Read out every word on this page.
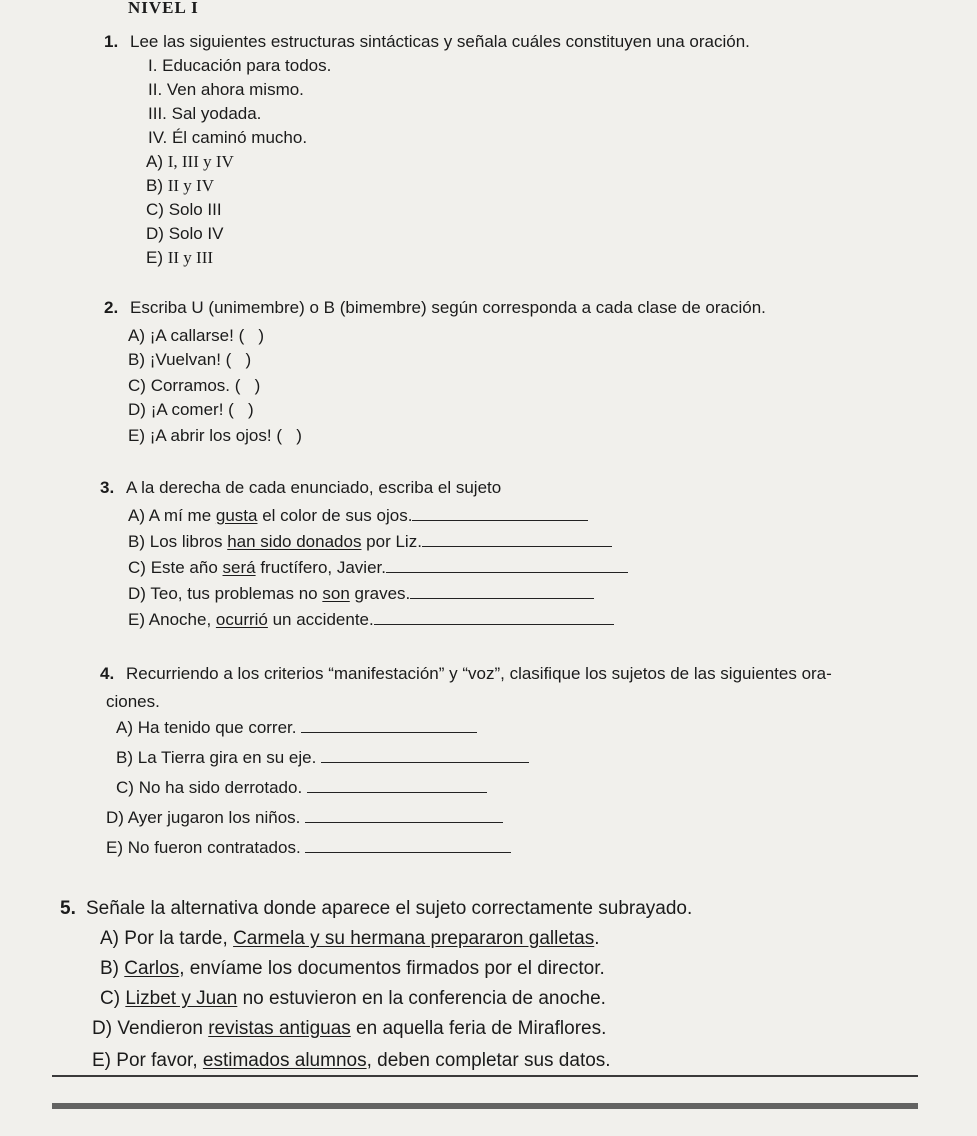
NIVEL I
1. Lee las siguientes estructuras sintácticas y señala cuáles constituyen una oración.
I. Educación para todos.
II. Ven ahora mismo.
III. Sal yodada.
IV. Él caminó mucho.
A) I, III y IV
B) II y IV
C) Solo III
D) Solo IV
E) II y III
2. Escriba U (unimembre) o B (bimembre) según corresponda a cada clase de oración.
A) ¡A callarse! ( )
B) ¡Vuelvan! ( )
C) Corramos. ( )
D) ¡A comer! ( )
E) ¡A abrir los ojos! ( )
3. A la derecha de cada enunciado, escriba el sujeto
A) A mí me gusta el color de sus ojos.
B) Los libros han sido donados por Liz.
C) Este año será fructífero, Javier.
D) Teo, tus problemas no son graves.
E) Anoche, ocurrió un accidente.
4. Recurriendo a los criterios “manifestación” y “voz”, clasifique los sujetos de las siguientes ora-
ciones.
A) Ha tenido que correr.
B) La Tierra gira en su eje.
C) No ha sido derrotado.
D) Ayer jugaron los niños.
E) No fueron contratados.
5. Señale la alternativa donde aparece el sujeto correctamente subrayado.
A) Por la tarde, Carmela y su hermana prepararon galletas.
B) Carlos, envíame los documentos firmados por el director.
C) Lizbet y Juan no estuvieron en la conferencia de anoche.
D) Vendieron revistas antiguas en aquella feria de Miraflores.
E) Por favor, estimados alumnos, deben completar sus datos.
